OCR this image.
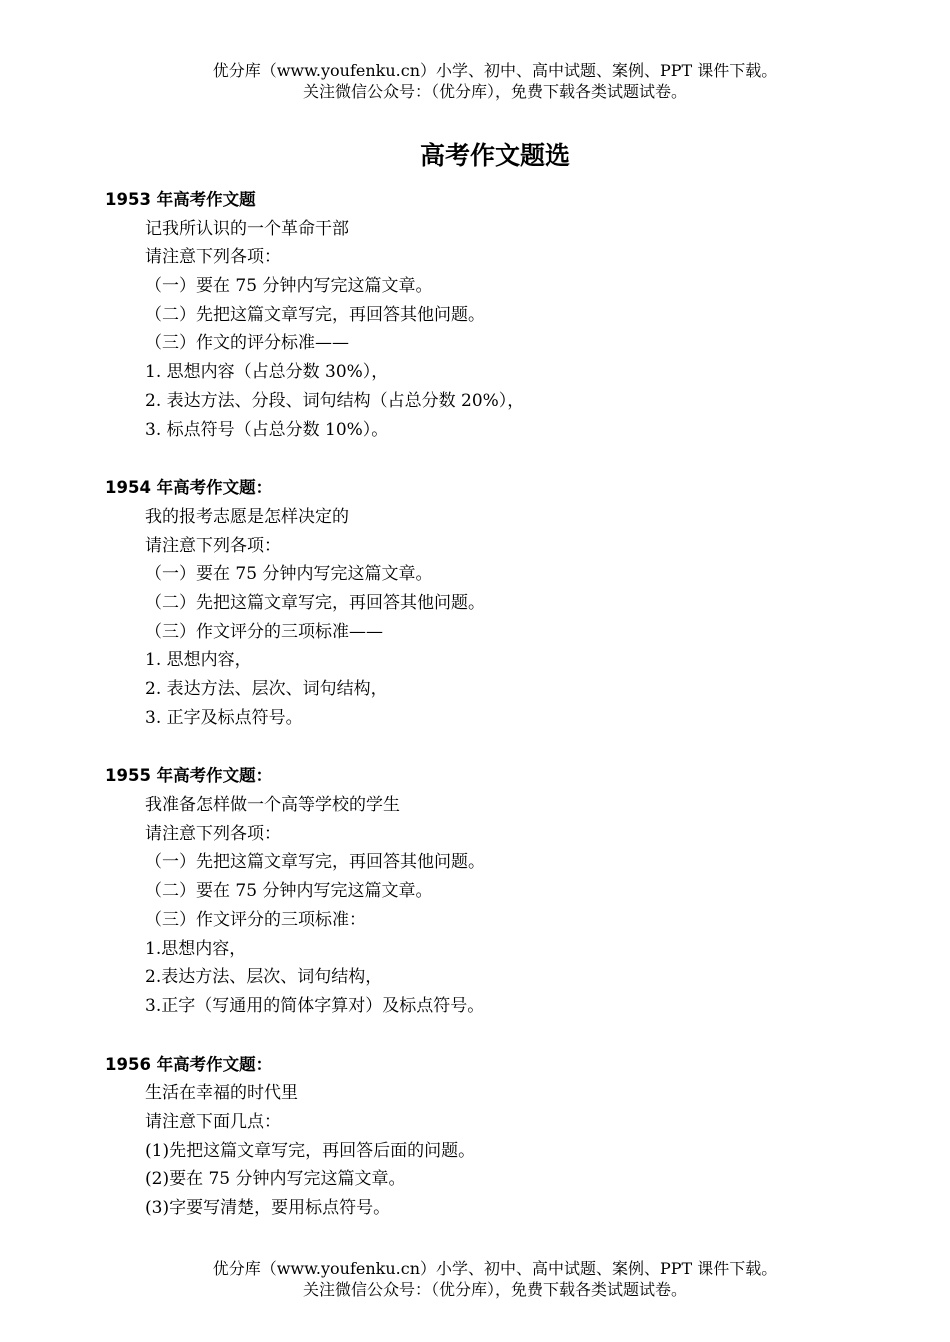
优分库（www.youfenku.cn）小学、初中、高中试题、案例、PPT 课件下载。
关注微信公众号：（优分库），免费下载各类试题试卷。
高考作文题选
1953 年高考作文题
记我所认识的一个革命干部
请注意下列各项：
（一）要在 75 分钟内写完这篇文章。
（二）先把这篇文章写完，再回答其他问题。
（三）作文的评分标准——
1. 思想内容（占总分数 30%），
2. 表达方法、分段、词句结构（占总分数 20%），
3. 标点符号（占总分数 10%）。
1954 年高考作文题：
我的报考志愿是怎样决定的
请注意下列各项：
（一）要在 75 分钟内写完这篇文章。
（二）先把这篇文章写完，再回答其他问题。
（三）作文评分的三项标准——
1. 思想内容，
2. 表达方法、层次、词句结构，
3. 正字及标点符号。
1955 年高考作文题：
我准备怎样做一个高等学校的学生
请注意下列各项：
（一）先把这篇文章写完，再回答其他问题。
（二）要在 75 分钟内写完这篇文章。
（三）作文评分的三项标准：
1.思想内容，
2.表达方法、层次、词句结构，
3.正字（写通用的简体字算对）及标点符号。
1956 年高考作文题：
生活在幸福的时代里
请注意下面几点：
(1)先把这篇文章写完，再回答后面的问题。
(2)要在 75 分钟内写完这篇文章。
(3)字要写清楚，要用标点符号。
优分库（www.youfenku.cn）小学、初中、高中试题、案例、PPT 课件下载。
关注微信公众号：（优分库），免费下载各类试题试卷。
